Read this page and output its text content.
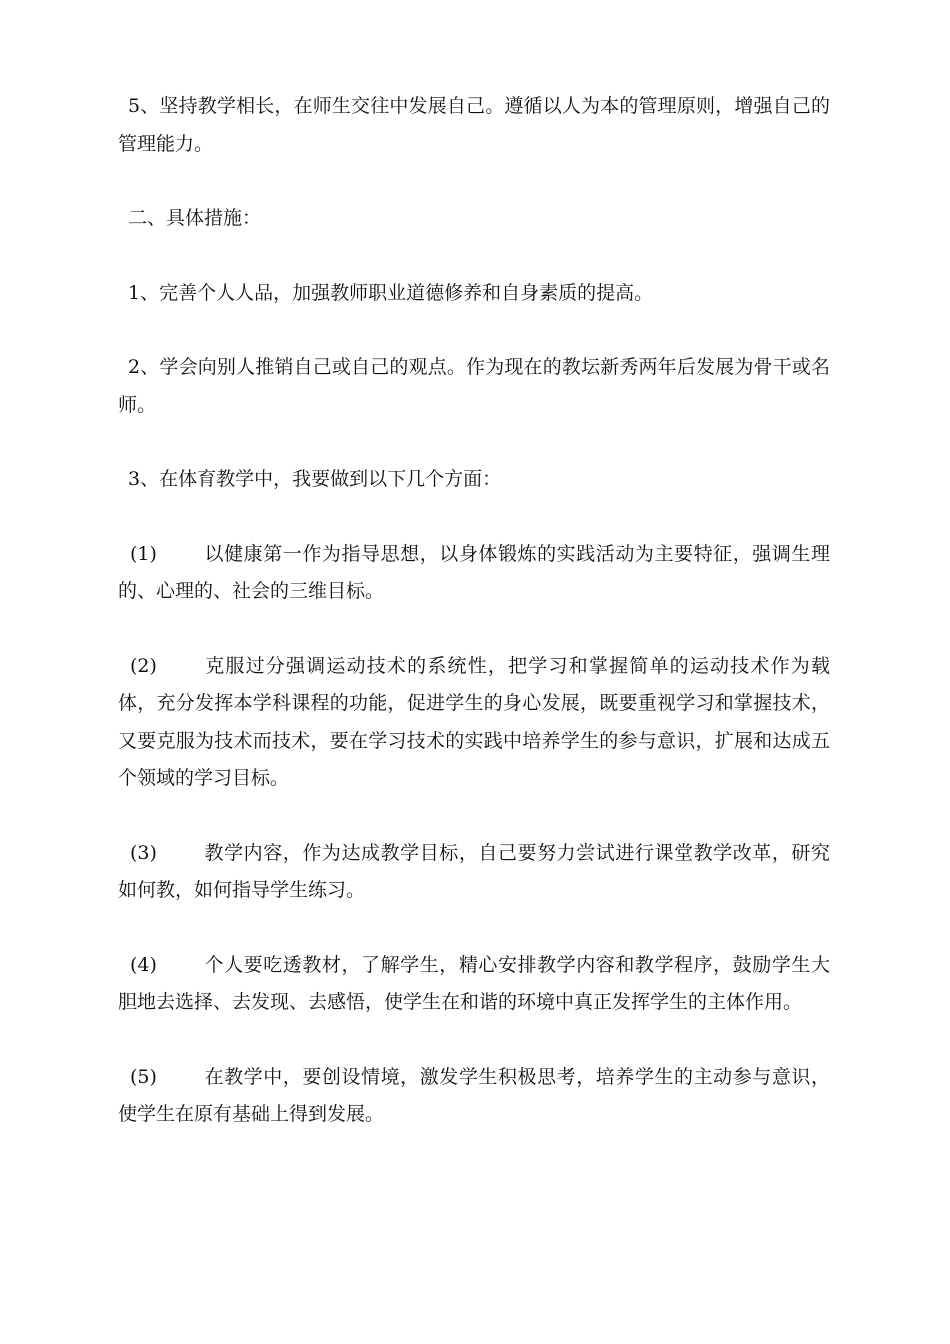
5、坚持教学相长，在师生交往中发展自己。遵循以人为本的管理原则，增强自己的管理能力。

二、具体措施：

1、完善个人人品，加强教师职业道德修养和自身素质的提高。

2、学会向别人推销自己或自己的观点。作为现在的教坛新秀两年后发展为骨干或名师。

3、在体育教学中，我要做到以下几个方面：

(1) 以健康第一作为指导思想，以身体锻炼的实践活动为主要特征，强调生理的、心理的、社会的三维目标。

(2) 克服过分强调运动技术的系统性，把学习和掌握简单的运动技术作为载体，充分发挥本学科课程的功能，促进学生的身心发展，既要重视学习和掌握技术，又要克服为技术而技术，要在学习技术的实践中培养学生的参与意识，扩展和达成五个领域的学习目标。

(3) 教学内容，作为达成教学目标，自己要努力尝试进行课堂教学改革，研究如何教，如何指导学生练习。

(4) 个人要吃透教材，了解学生，精心安排教学内容和教学程序，鼓励学生大胆地去选择、去发现、去感悟，使学生在和谐的环境中真正发挥学生的主体作用。

(5) 在教学中，要创设情境，激发学生积极思考，培养学生的主动参与意识，使学生在原有基础上得到发展。
